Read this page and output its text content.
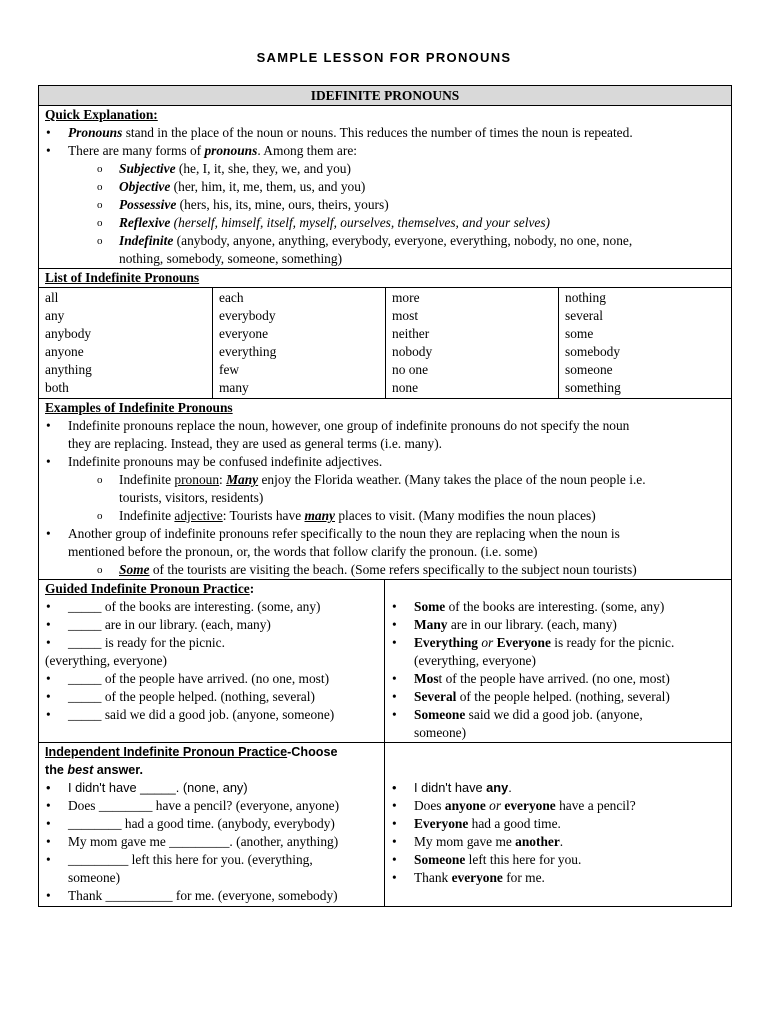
SAMPLE LESSON FOR PRONOUNS
IDEFINITE PRONOUNS
Quick Explanation:
• Pronouns stand in the place of the noun or nouns. This reduces the number of times the noun is repeated.
• There are many forms of pronouns. Among them are:
o Subjective (he, I, it, she, they, we, and you)
o Objective (her, him, it, me, them, us, and you)
o Possessive (hers, his, its, mine, ours, theirs, yours)
o Reflexive (herself, himself, itself, myself, ourselves, themselves, and your selves)
o Indefinite (anybody, anyone, anything, everybody, everyone, everything, nobody, no one, none,
nothing, somebody, someone, something)
List of Indefinite Pronouns
all
any
anybody
anyone
anything
both
each
everybody
everyone
everything
few
many
more
most
neither
nobody
no one
none
nothing
several
some
somebody
someone
something
Examples of Indefinite Pronouns
• Indefinite pronouns replace the noun, however, one group of indefinite pronouns do not specify the noun
they are replacing. Instead, they are used as general terms (i.e. many).
• Indefinite pronouns may be confused indefinite adjectives.
o Indefinite pronoun: Many enjoy the Florida weather. (Many takes the place of the noun people i.e.
tourists, visitors, residents)
o Indefinite adjective: Tourists have many places to visit. (Many modifies the noun places)
• Another group of indefinite pronouns refer specifically to the noun they are replacing when the noun is
mentioned before the pronoun, or, the words that follow clarify the pronoun. (i.e. some)
o Some of the tourists are visiting the beach. (Some refers specifically to the subject noun tourists)
Guided Indefinite Pronoun Practice:
• _____ of the books are interesting. (some, any)
• _____ are in our library. (each, many)
• _____ is ready for the picnic.
(everything, everyone)
• _____ of the people have arrived. (no one, most)
• _____ of the people helped. (nothing, several)
• _____ said we did a good job. (anyone, someone)
• Some of the books are interesting. (some, any)
• Many are in our library. (each, many)
• Everything or Everyone is ready for the picnic.
(everything, everyone)
• Most of the people have arrived. (no one, most)
• Several of the people helped. (nothing, several)
• Someone said we did a good job. (anyone,
someone)
Independent Indefinite Pronoun Practice-Choose
the best answer.
• I didn't have _____. (none, any)
• Does ________ have a pencil? (everyone, anyone)
• ________ had a good time. (anybody, everybody)
• My mom gave me _________. (another, anything)
• _________ left this here for you. (everything,
someone)
• Thank __________ for me. (everyone, somebody)
• I didn't have any.
• Does anyone or everyone have a pencil?
• Everyone had a good time.
• My mom gave me another.
• Someone left this here for you.
• Thank everyone for me.
